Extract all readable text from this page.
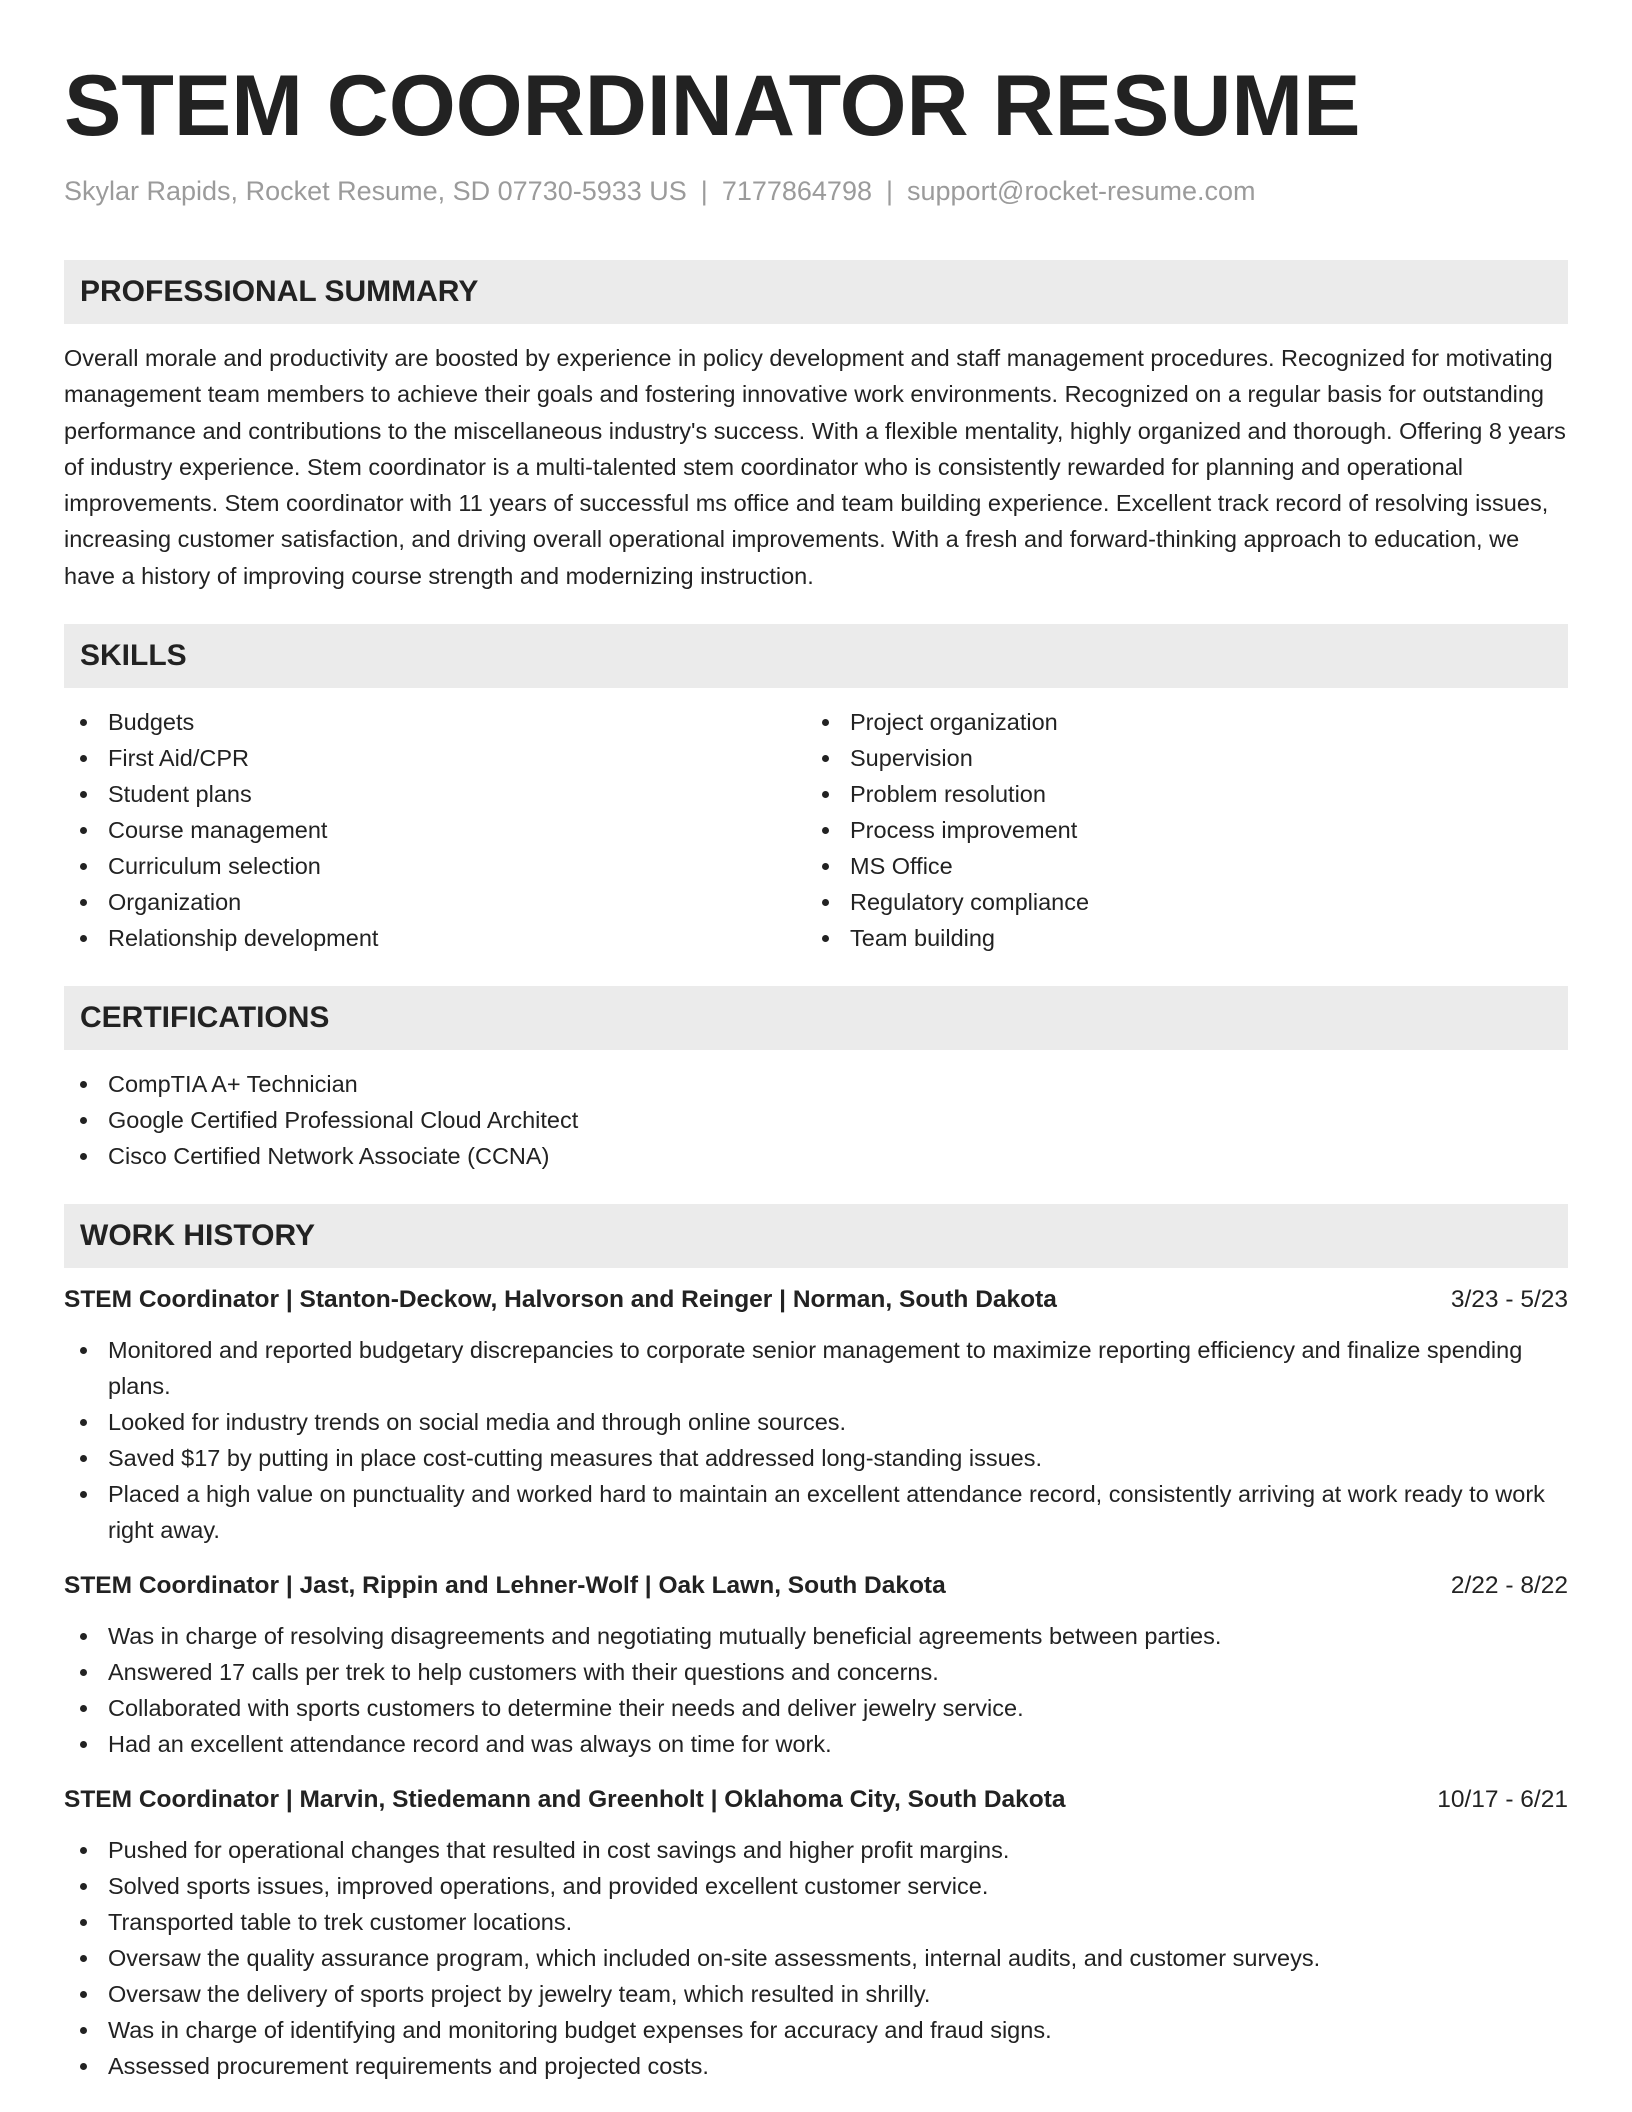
STEM COORDINATOR RESUME
Skylar Rapids, Rocket Resume, SD 07730-5933 US | 7177864798 | support@rocket-resume.com
PROFESSIONAL SUMMARY

Overall morale and productivity are boosted by experience in policy development and staff management procedures. Recognized for motivating management team members to achieve their goals and fostering innovative work environments. Recognized on a regular basis for outstanding performance and contributions to the miscellaneous industry's success. With a flexible mentality, highly organized and thorough. Offering 8 years of industry experience. Stem coordinator is a multi-talented stem coordinator who is consistently rewarded for planning and operational improvements. Stem coordinator with 11 years of successful ms office and team building experience. Excellent track record of resolving issues, increasing customer satisfaction, and driving overall operational improvements. With a fresh and forward-thinking approach to education, we have a history of improving course strength and modernizing instruction.

SKILLS
Budgets
First Aid/CPR
Student plans
Course management
Curriculum selection
Organization
Relationship development
Project organization
Supervision
Problem resolution
Process improvement
MS Office
Regulatory compliance
Team building
CERTIFICATIONS
CompTIA A+ Technician
Google Certified Professional Cloud Architect
Cisco Certified Network Associate (CCNA)
WORK HISTORY
STEM Coordinator | Stanton-Deckow, Halvorson and Reinger | Norman, South Dakota	3/23 - 5/23
Monitored and reported budgetary discrepancies to corporate senior management to maximize reporting efficiency and finalize spending plans.
Looked for industry trends on social media and through online sources.
Saved $17 by putting in place cost-cutting measures that addressed long-standing issues.
Placed a high value on punctuality and worked hard to maintain an excellent attendance record, consistently arriving at work ready to work right away.
STEM Coordinator | Jast, Rippin and Lehner-Wolf | Oak Lawn, South Dakota	2/22 - 8/22
Was in charge of resolving disagreements and negotiating mutually beneficial agreements between parties.
Answered 17 calls per trek to help customers with their questions and concerns.
Collaborated with sports customers to determine their needs and deliver jewelry service.
Had an excellent attendance record and was always on time for work.
STEM Coordinator | Marvin, Stiedemann and Greenholt | Oklahoma City, South Dakota	10/17 - 6/21
Pushed for operational changes that resulted in cost savings and higher profit margins.
Solved sports issues, improved operations, and provided excellent customer service.
Transported table to trek customer locations.
Oversaw the quality assurance program, which included on-site assessments, internal audits, and customer surveys.
Oversaw the delivery of sports project by jewelry team, which resulted in shrilly.
Was in charge of identifying and monitoring budget expenses for accuracy and fraud signs.
Assessed procurement requirements and projected costs.
